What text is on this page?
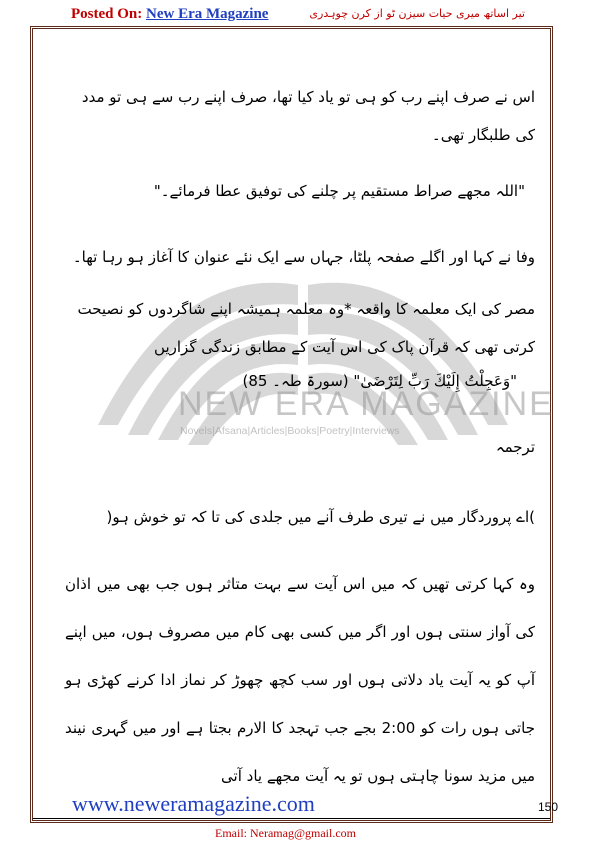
Posted On: New Era Magazine	تیر اساتھ میری حیات سیزن ٹو از کرن چوہدری
NEW ERA MAGAZINE
Novels|Afsana|Articles|Books|Poetry|Interviews
اس نے صرف اپنے رب کو ہی تو یاد کیا تھا، صرف اپنے رب سے ہی تو مدد کی طلبگار تھی۔
"اللہ مجھے صراط مستقیم پر چلنے کی توفیق عطا فرمائے۔"
وفا نے کہا اور اگلے صفحہ پلٹا، جہاں سے ایک نئے عنوان کا آغاز ہو رہا تھا۔
مصر کی ایک معلمہ کا واقعہ *وہ معلمہ ہمیشہ اپنے شاگردوں کو نصیحت کرتی تھی کہ قرآن پاک کی اس آیت کے مطابق زندگی گزاریں
"وَعَجِلْتُ إِلَيْكَ رَبِّ لِتَرْضَىٰ" (سورۃ طہ۔ 85)
ترجمہ
)اے پروردگار میں نے تیری طرف آنے میں جلدی کی تا کہ تو خوش ہو(
وہ کہا کرتی تھیں کہ میں اس آیت سے بہت متاثر ہوں جب بھی میں اذان کی آواز سنتی ہوں اور اگر میں کسی بھی کام میں مصروف ہوں، میں اپنے آپ کو یہ آیت یاد دلاتی ہوں اور سب کچھ چھوڑ کر نماز ادا کرنے کھڑی ہو جاتی ہوں رات کو 2:00 بجے جب تہجد کا الارم بجتا ہے اور میں گہری نیند میں مزید سونا چاہتی ہوں تو یہ آیت مجھے یاد آتی
www.neweramagazine.com	150
Email: Neramag@gmail.com
